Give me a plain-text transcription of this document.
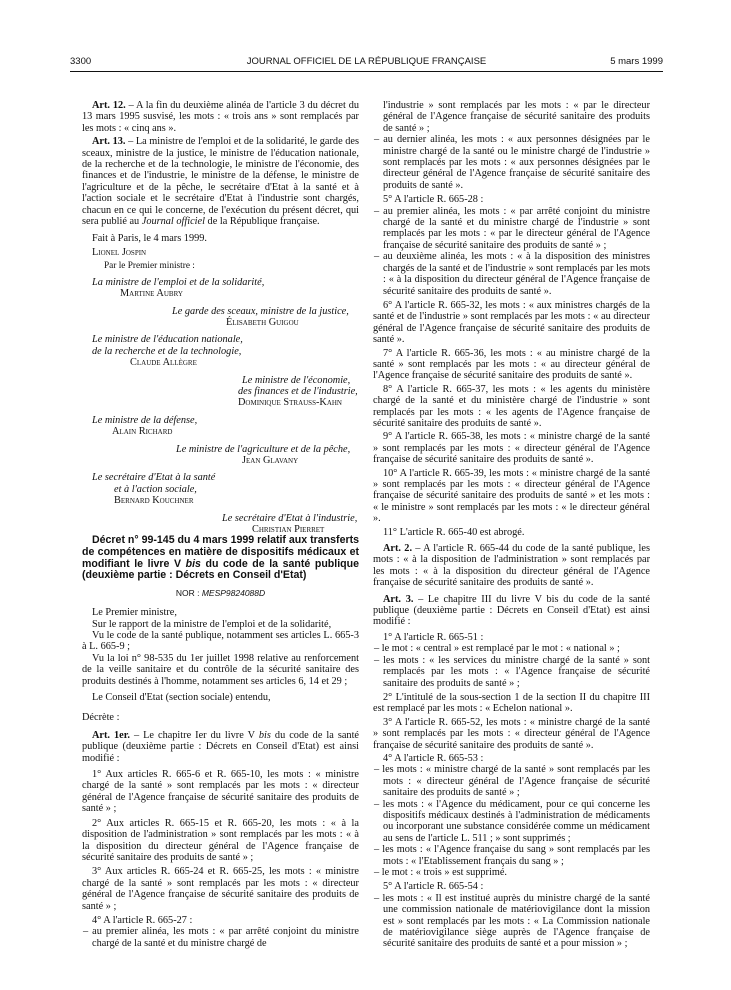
3300	JOURNAL OFFICIEL DE LA RÉPUBLIQUE FRANÇAISE	5 mars 1999

Art. 12. – A la fin du deuxième alinéa de l'article 3 du décret du 13 mars 1995 susvisé, les mots : « trois ans » sont remplacés par les mots : « cinq ans ».

Art. 13. – La ministre de l'emploi et de la solidarité, le garde des sceaux, ministre de la justice, le ministre de l'éducation nationale, de la recherche et de la technologie, le ministre de l'économie, des finances et de l'industrie, le ministre de la défense, le ministre de l'agriculture et de la pêche, le secrétaire d'Etat à la santé et à l'action sociale et le secrétaire d'Etat à l'industrie sont chargés, chacun en ce qui le concerne, de l'exécution du présent décret, qui sera publié au Journal officiel de la République française.

Fait à Paris, le 4 mars 1999.

Lionel Jospin

Par le Premier ministre :

La ministre de l'emploi et de la solidarité,

Martine Aubry

Le garde des sceaux, ministre de la justice,

Élisabeth Guigou

Le ministre de l'éducation nationale,

de la recherche et de la technologie,

Claude Allègre

Le ministre de l'économie,

des finances et de l'industrie,

Dominique Strauss-Kahn

Le ministre de la défense,

Alain Richard

Le ministre de l'agriculture et de la pêche,

Jean Glavany

Le secrétaire d'Etat à la santé

et à l'action sociale,

Bernard Kouchner

Le secrétaire d'Etat à l'industrie,

Christian Pierret

Décret n° 99-145 du 4 mars 1999 relatif aux transferts de compétences en matière de dispositifs médicaux et modifiant le livre V bis du code de la santé publique (deuxième partie : Décrets en Conseil d'Etat)

NOR : MESP9824088D

Le Premier ministre,

Sur le rapport de la ministre de l'emploi et de la solidarité,

Vu le code de la santé publique, notamment ses articles L. 665-3 à L. 665-9 ;

Vu la loi n° 98-535 du 1er juillet 1998 relative au renforcement de la veille sanitaire et du contrôle de la sécurité sanitaire des produits destinés à l'homme, notamment ses articles 6, 14 et 29 ;

Le Conseil d'Etat (section sociale) entendu,

Décrète :

Art. 1er. – Le chapitre Ier du livre V bis du code de la santé publique (deuxième partie : Décrets en Conseil d'Etat) est ainsi modifié :

1° Aux articles R. 665-6 et R. 665-10, les mots : « ministre chargé de la santé » sont remplacés par les mots : « directeur général de l'Agence française de sécurité sanitaire des produits de santé » ;

2° Aux articles R. 665-15 et R. 665-20, les mots : « à la disposition de l'administration » sont remplacés par les mots : « à la disposition du directeur général de l'Agence française de sécurité sanitaire des produits de santé » ;

3° Aux articles R. 665-24 et R. 665-25, les mots : « ministre chargé de la santé » sont remplacés par les mots : « directeur général de l'Agence française de sécurité sanitaire des produits de santé » ;

4° A l'article R. 665-27 :

– au premier alinéa, les mots : « par arrêté conjoint du ministre chargé de la santé et du ministre chargé de

l'industrie » sont remplacés par les mots : « par le directeur général de l'Agence française de sécurité sanitaire des produits de santé » ;

– au dernier alinéa, les mots : « aux personnes désignées par le ministre chargé de la santé ou le ministre chargé de l'industrie » sont remplacés par les mots : « aux personnes désignées par le directeur général de l'Agence française de sécurité sanitaire des produits de santé ».

5° A l'article R. 665-28 :

– au premier alinéa, les mots : « par arrêté conjoint du ministre chargé de la santé et du ministre chargé de l'industrie » sont remplacés par les mots : « par le directeur général de l'Agence française de sécurité sanitaire des produits de santé » ;

– au deuxième alinéa, les mots : « à la disposition des ministres chargés de la santé et de l'industrie » sont remplacés par les mots : « à la disposition du directeur général de l'Agence française de sécurité sanitaire des produits de santé ».

6° A l'article R. 665-32, les mots : « aux ministres chargés de la santé et de l'industrie » sont remplacés par les mots : « au directeur général de l'Agence française de sécurité sanitaire des produits de santé ».

7° A l'article R. 665-36, les mots : « au ministre chargé de la santé » sont remplacés par les mots : « au directeur général de l'Agence française de sécurité sanitaire des produits de santé ».

8° A l'article R. 665-37, les mots : « les agents du ministère chargé de la santé et du ministère chargé de l'industrie » sont remplacés par les mots : « les agents de l'Agence française de sécurité sanitaire des produits de santé ».

9° A l'article R. 665-38, les mots : « ministre chargé de la santé » sont remplacés par les mots : « directeur général de l'Agence française de sécurité sanitaire des produits de santé ».

10° A l'article R. 665-39, les mots : « ministre chargé de la santé » sont remplacés par les mots : « directeur général de l'Agence française de sécurité sanitaire des produits de santé » et les mots : « le ministre » sont remplacés par les mots : « le directeur général ».

11° L'article R. 665-40 est abrogé.

Art. 2. – A l'article R. 665-44 du code de la santé publique, les mots : « à la disposition de l'administration » sont remplacés par les mots : « à la disposition du directeur général de l'Agence française de sécurité sanitaire des produits de santé ».

Art. 3. – Le chapitre III du livre V bis du code de la santé publique (deuxième partie : Décrets en Conseil d'Etat) est ainsi modifié :

1° A l'article R. 665-51 :

– le mot : « central » est remplacé par le mot : « national » ;

– les mots : « les services du ministre chargé de la santé » sont remplacés par les mots : « l'Agence française de sécurité sanitaire des produits de santé » ;

2° L'intitulé de la sous-section 1 de la section II du chapitre III est remplacé par les mots : « Echelon national ».

3° A l'article R. 665-52, les mots : « ministre chargé de la santé » sont remplacés par les mots : « directeur général de l'Agence française de sécurité sanitaire des produits de santé ».

4° A l'article R. 665-53 :

– les mots : « ministre chargé de la santé » sont remplacés par les mots : « directeur général de l'Agence française de sécurité sanitaire des produits de santé » ;

– les mots : « l'Agence du médicament, pour ce qui concerne les dispositifs médicaux destinés à l'administration de médicaments ou incorporant une substance considérée comme un médicament au sens de l'article L. 511 ; » sont supprimés ;

– les mots : « l'Agence française du sang » sont remplacés par les mots : « l'Etablissement français du sang » ;

– le mot : « trois » est supprimé.

5° A l'article R. 665-54 :

– les mots : « Il est institué auprès du ministre chargé de la santé une commission nationale de matériovigilance dont la mission est » sont remplacés par les mots : « La Commission nationale de matériovigilance siège auprès de l'Agence française de sécurité sanitaire des produits de santé et a pour mission » ;
